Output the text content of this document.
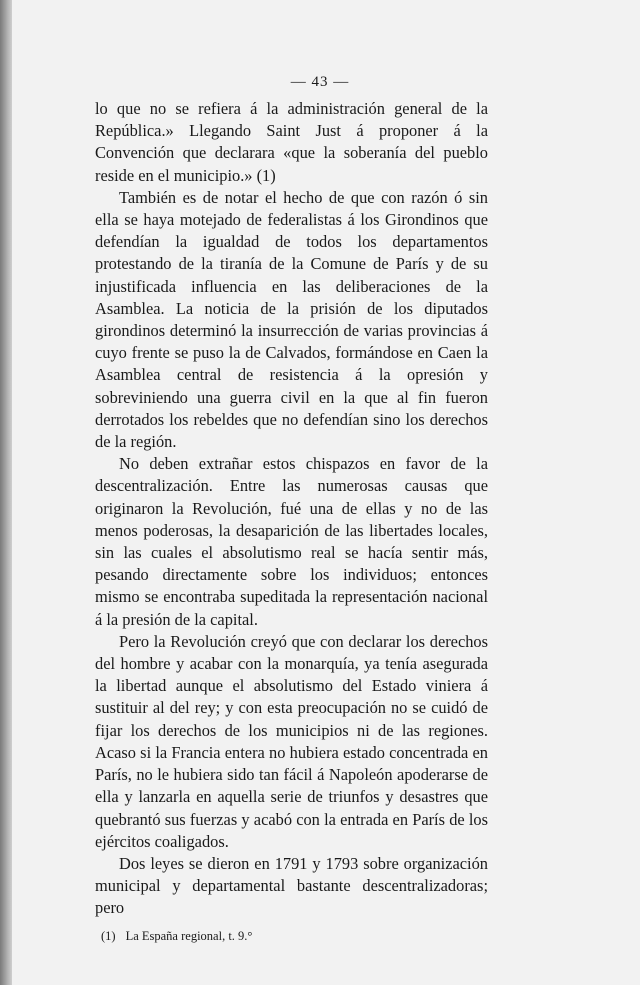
— 43 —

lo que no se refiera á la administración general de la República.» Llegando Saint Just á proponer á la Convención que declarara «que la soberanía del pueblo reside en el municipio.» (1)

También es de notar el hecho de que con razón ó sin ella se haya motejado de federalistas á los Girondinos que defendían la igualdad de todos los departamentos protestando de la tiranía de la Comune de París y de su injustificada influencia en las deliberaciones de la Asamblea. La noticia de la prisión de los diputados girondinos determinó la insurrección de varias provincias á cuyo frente se puso la de Calvados, formándose en Caen la Asamblea central de resistencia á la opresión y sobreviniendo una guerra civil en la que al fin fueron derrotados los rebeldes que no defendían sino los derechos de la región.

No deben extrañar estos chispazos en favor de la descentralización. Entre las numerosas causas que originaron la Revolución, fué una de ellas y no de las menos poderosas, la desaparición de las libertades locales, sin las cuales el absolutismo real se hacía sentir más, pesando directamente sobre los individuos; entonces mismo se encontraba supeditada la representación nacional á la presión de la capital.

Pero la Revolución creyó que con declarar los derechos del hombre y acabar con la monarquía, ya tenía asegurada la libertad aunque el absolutismo del Estado viniera á sustituir al del rey; y con esta preocupación no se cuidó de fijar los derechos de los municipios ni de las regiones. Acaso si la Francia entera no hubiera estado concentrada en París, no le hubiera sido tan fácil á Napoleón apoderarse de ella y lanzarla en aquella serie de triunfos y desastres que quebrantó sus fuerzas y acabó con la entrada en París de los ejércitos coaligados.

Dos leyes se dieron en 1791 y 1793 sobre organización municipal y departamental bastante descentralizadoras; pero

(1) La España regional, t. 9.°
